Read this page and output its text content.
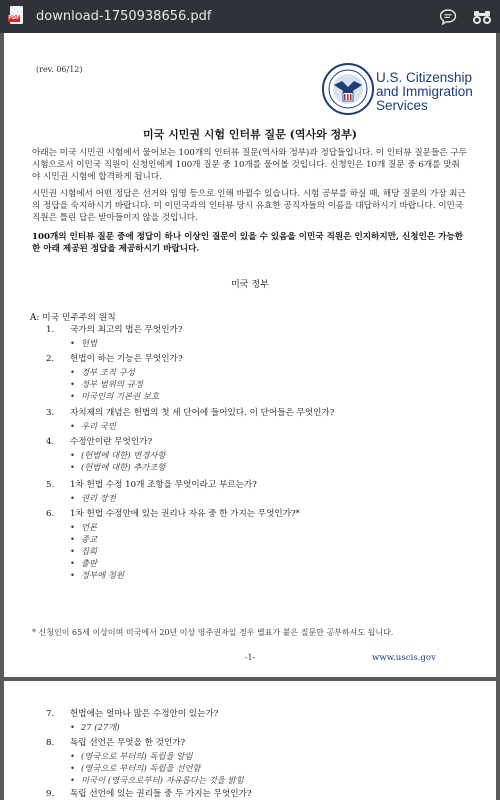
PDF download-1750938656.pdf
(rev. 06/12)
U.S. Citizenship
and Immigration
Services
미국 시민권 시험 인터뷰 질문 (역사와 정부)
아래는 미국 시민권 시험에서 물어보는 100개의 인터뷰 질문(역사와 정부)과 정답들입니다. 이 인터뷰 질문들은 구두 시험으로서 이민국 직원이 신청인에게 100개 질문 중 10개를 물어볼 것입니다. 신청인은 10개 질문 중 6개를 맞춰야 시민권 시험에 합격하게 됩니다.
시민권 시험에서 어떤 정답은 선거와 임명 등으로 인해 바뀔수 있습니다. 시험 공부를 하실 때, 해당 질문의 가장 최근의 정답을 숙지하시기 바랍니다. 미 이민국과의 인터뷰 당시 유효한 공직자들의 이름을 대답하시기 바랍니다. 이민국 직원은 틀린 답은 받아들이지 않을 것입니다.
100개의 인터뷰 질문 중에 정답이 하나 이상인 질문이 있을 수 있음을 이민국 직원은 인지하지만, 신청인은 가능한 한 아래 제공된 정답을 제공하시기 바랍니다.
미국 정부
A: 미국 민주주의 원칙
1. 국가의 최고의 법은 무엇인가?
• 헌법
2. 헌법이 하는 기능은 무엇인가?
• 정부 조직 구성
• 정부 범위의 규정
• 미국인의 기본권 보호
3. 자치제의 개념은 헌법의 첫 세 단어에 들어있다. 이 단어들은 무엇인가?
• 우리 국민
4. 수정안이란 무엇인가?
• (헌법에 대한) 변경사항
• (헌법에 대한) 추가조항
5. 1차 헌법 수정 10개 조항을 무엇이라고 부르는가?
• 권리 장전
6. 1차 헌법 수정안에 있는 권리나 자유 중 한 가지는 무엇인가?*
• 언론
• 종교
• 집회
• 출판
• 정부에 청원
* 신청인이 65세 이상이며 미국에서 20년 이상 영주권자일 경우 별표가 붙은 질문만 공부하셔도 됩니다.
-1-	www.uscis.gov
7. 헌법에는 얼마나 많은 수정안이 있는가?
• 27 (27개)
8. 독립 선언은 무엇을 한 것인가?
• (영국으로 부터의) 독립을 알림
• (영국으로 부터의) 독립을 선언함
• 미국이 (영국으로부터) 자유롭다는 것을 밝힘
9. 독립 선언에 있는 권리들 중 두 가지는 무엇인가?
